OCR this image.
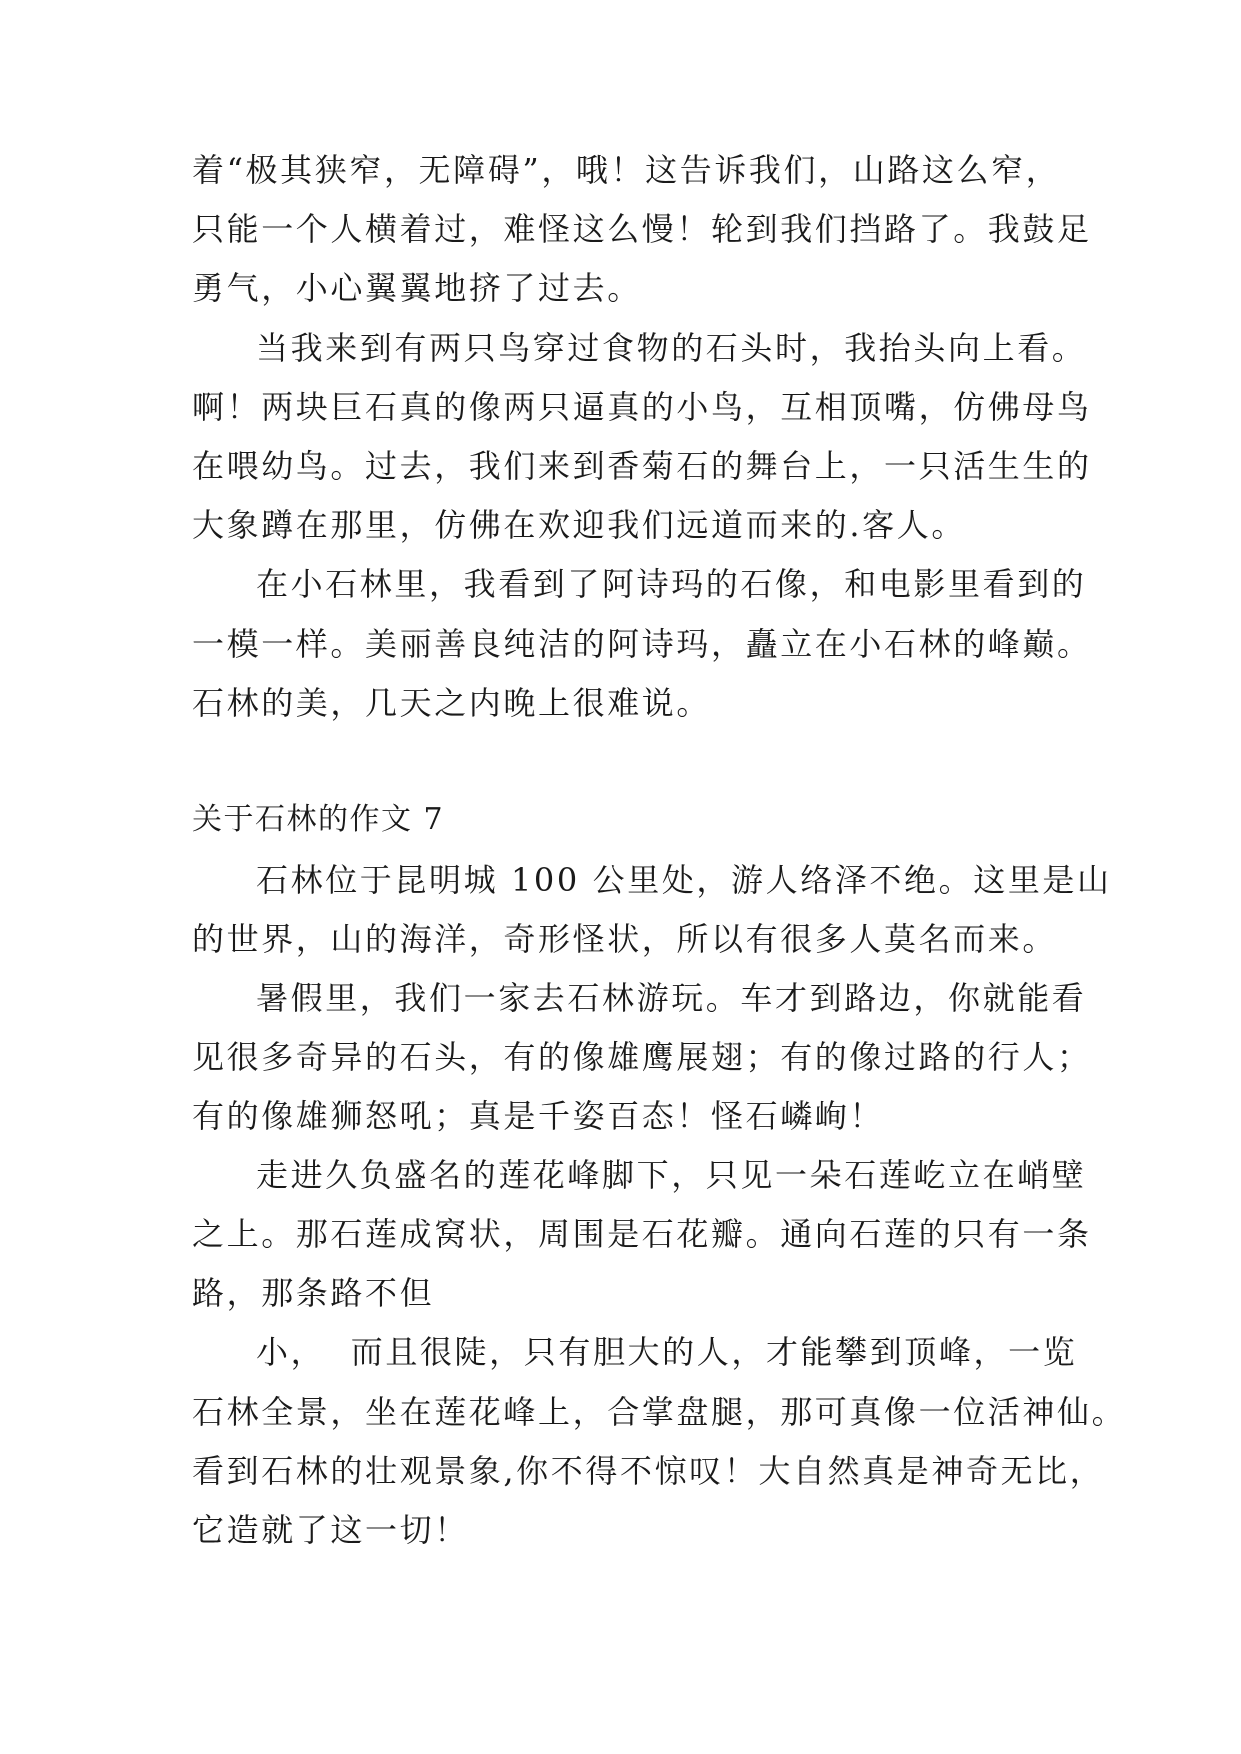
着“极其狭窄，无障碍”，哦！这告诉我们，山路这么窄，
只能一个人横着过，难怪这么慢！轮到我们挡路了。我鼓足
勇气，小心翼翼地挤了过去。
当我来到有两只鸟穿过食物的石头时，我抬头向上看。
啊！两块巨石真的像两只逼真的小鸟，互相顶嘴，仿佛母鸟
在喂幼鸟。过去，我们来到香菊石的舞台上，一只活生生的
大象蹲在那里，仿佛在欢迎我们远道而来的.客人。
在小石林里，我看到了阿诗玛的石像，和电影里看到的
一模一样。美丽善良纯洁的阿诗玛，矗立在小石林的峰巅。
石林的美，几天之内晚上很难说。
关于石林的作文 7
石林位于昆明城 100 公里处，游人络泽不绝。这里是山
的世界，山的海洋，奇形怪状，所以有很多人莫名而来。
暑假里，我们一家去石林游玩。车才到路边，你就能看
见很多奇异的石头，有的像雄鹰展翅；有的像过路的行人；
有的像雄狮怒吼；真是千姿百态！怪石嶙峋！
走进久负盛名的莲花峰脚下，只见一朵石莲屹立在峭壁
之上。那石莲成窝状，周围是石花瓣。通向石莲的只有一条
路，那条路不但
小，  而且很陡，只有胆大的人，才能攀到顶峰，一览
石林全景，坐在莲花峰上，合掌盘腿，那可真像一位活神仙。
看到石林的壮观景象,你不得不惊叹！大自然真是神奇无比，
它造就了这一切！
